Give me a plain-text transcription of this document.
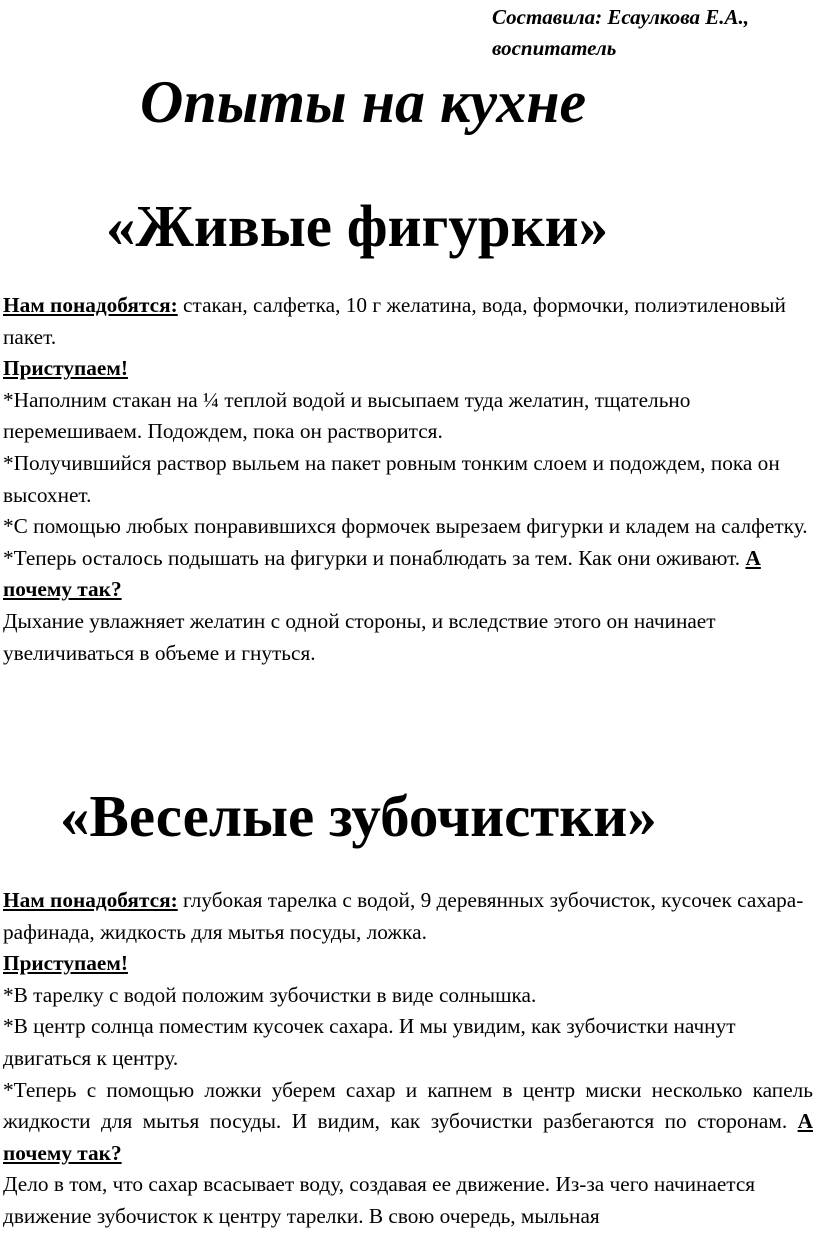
Составила: Есаулкова Е.А.,
воспитатель
Опыты на кухне
«Живые фигурки»

Нам понадобятся: стакан, салфетка, 10 г желатина, вода, формочки, полиэтиленовый пакет.

Приступаем!

*Наполним стакан на ¼ теплой водой и высыпаем туда желатин, тщательно перемешиваем. Подождем, пока он растворится.

*Получившийся раствор выльем на пакет ровным тонким слоем и подождем, пока он высохнет.

*С помощью любых понравившихся формочек вырезаем фигурки и кладем на салфетку.

*Теперь осталось подышать на фигурки и понаблюдать за тем. Как они оживают. А почему так?

Дыхание увлажняет желатин с одной стороны, и вследствие этого он начинает увеличиваться в объеме и гнуться.

«Веселые зубочистки»

Нам понадобятся: глубокая тарелка с водой, 9 деревянных зубочисток, кусочек сахара-рафинада, жидкость для мытья посуды, ложка.

Приступаем!

*В тарелку с водой положим зубочистки в виде солнышка.

*В центр солнца поместим кусочек сахара. И мы увидим, как зубочистки начнут двигаться к центру.

*Теперь с помощью ложки уберем сахар и капнем в центр миски несколько капель жидкости для мытья посуды. И видим, как зубочистки разбегаются по сторонам. А почему так?

Дело в том, что сахар всасывает воду, создавая ее движение. Из-за чего начинается движение зубочисток к центру тарелки. В свою очередь, мыльная
